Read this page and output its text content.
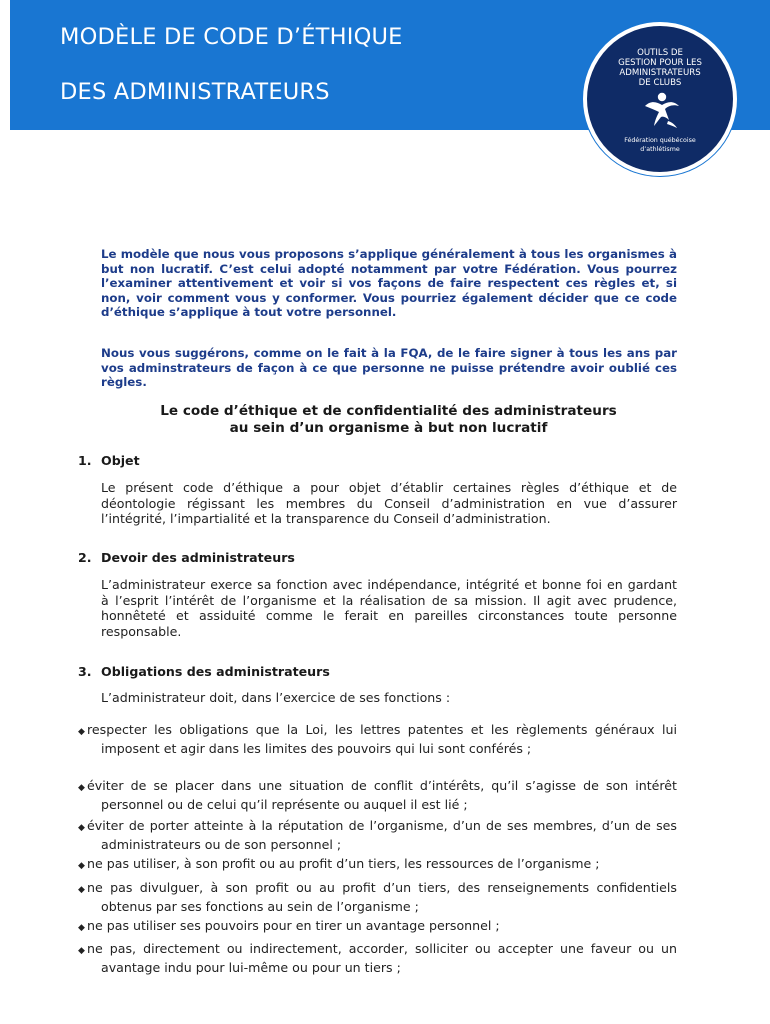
MODÈLE DE CODE D’ÉTHIQUE
DES ADMINISTRATEURS
OUTILS DE
GESTION POUR LES
ADMINISTRATEURS
DE CLUBS
Fédération québécoise
d’athlétisme

Le modèle que nous vous proposons s’applique généralement à tous les organismes à but non lucratif. C’est celui adopté notamment par votre Fédération. Vous pourrez l’examiner attentivement et voir si vos façons de faire respectent ces règles et, si non, voir comment vous y conformer. Vous pourriez également décider que ce code d’éthique s’applique à tout votre personnel.

Nous vous suggérons, comme on le fait à la FQA, de le faire signer à tous les ans par vos adminstrateurs de façon à ce que personne ne puisse prétendre avoir oublié ces règles.

Le code d’éthique et de confidentialité des administrateurs
au sein d’un organisme à but non lucratif

1. Objet

Le présent code d’éthique a pour objet d’établir certaines règles d’éthique et de déontologie régissant les membres du Conseil d’administration en vue d’assurer l’intégrité, l’impartialité et la transparence du Conseil d’administration.

2. Devoir des administrateurs

L’administrateur exerce sa fonction avec indépendance, intégrité et bonne foi en gardant à l’esprit l’intérêt de l’organisme et la réalisation de sa mission. Il agit avec prudence, honnêteté et assiduité comme le ferait en pareilles circonstances toute personne responsable.

3. Obligations des administrateurs

L’administrateur doit, dans l’exercice de ses fonctions :

◆ respecter les obligations que la Loi, les lettres patentes et les règlements généraux lui imposent et agir dans les limites des pouvoirs qui lui sont conférés ;

◆ éviter de se placer dans une situation de conflit d’intérêts, qu’il s’agisse de son intérêt personnel ou de celui qu’il représente ou auquel il est lié ;

◆ éviter de porter atteinte à la réputation de l’organisme, d’un de ses membres, d’un de ses administrateurs ou de son personnel ;

◆ ne pas utiliser, à son profit ou au profit d’un tiers, les ressources de l’organisme ;

◆ ne pas divulguer, à son profit ou au profit d’un tiers, des renseignements confidentiels obtenus par ses fonctions au sein de l’organisme ;

◆ ne pas utiliser ses pouvoirs pour en tirer un avantage personnel ;

◆ ne pas, directement ou indirectement, accorder, solliciter ou accepter une faveur ou un avantage indu pour lui-même ou pour un tiers ;
